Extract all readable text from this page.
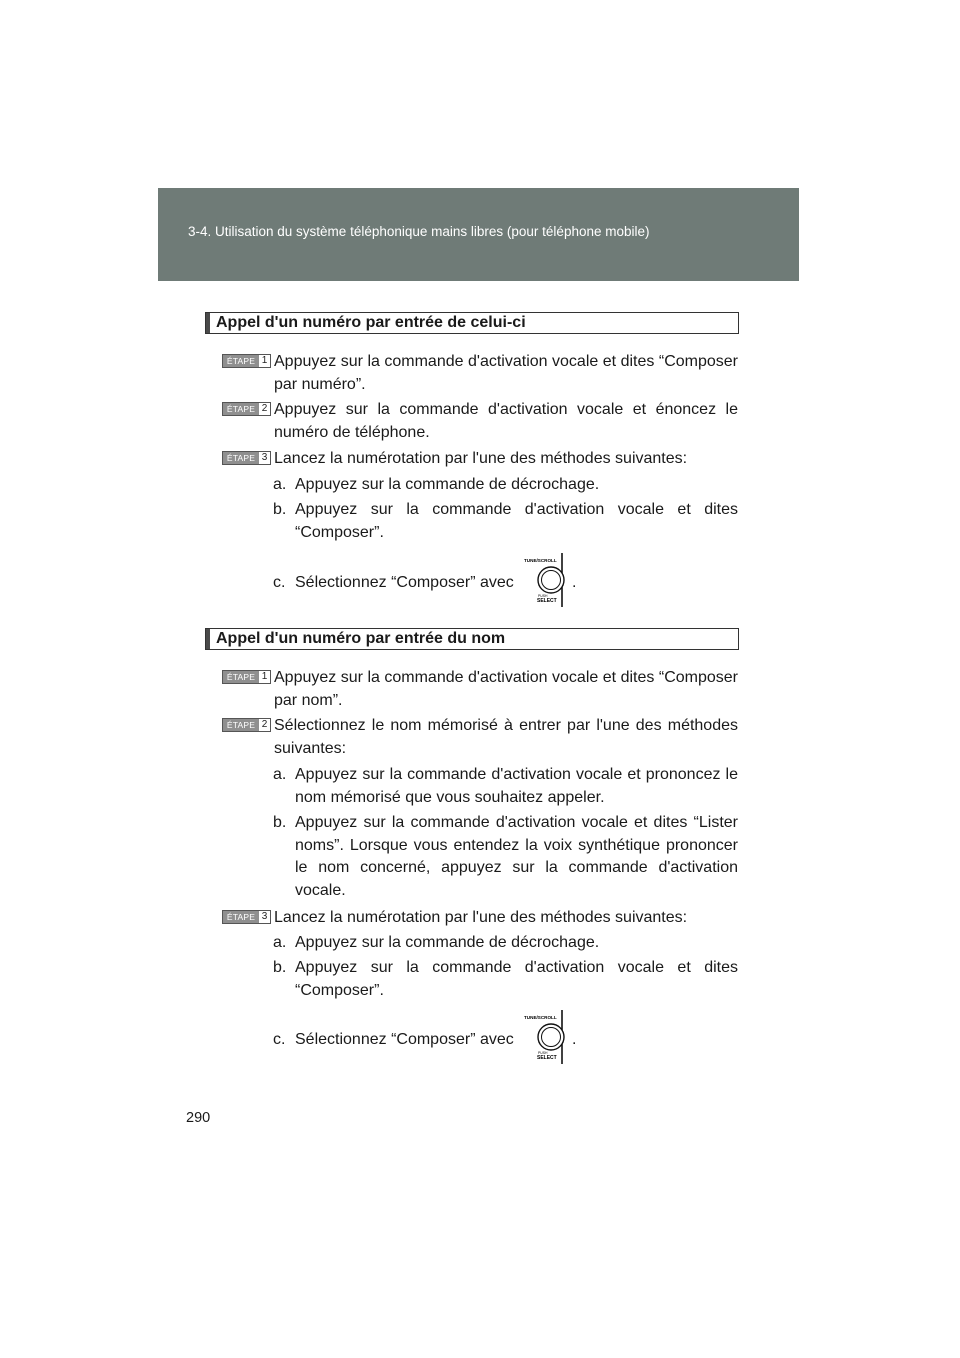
3-4. Utilisation du système téléphonique mains libres (pour téléphone mobile)
Appel d'un numéro par entrée de celui-ci
ÉTAPE 1 Appuyez sur la commande d'activation vocale et dites “Composer par numéro”.
ÉTAPE 2 Appuyez sur la commande d'activation vocale et énoncez le numéro de téléphone.
ÉTAPE 3 Lancez la numérotation par l'une des méthodes suivantes:
a. Appuyez sur la commande de décrochage.
b. Appuyez sur la commande d'activation vocale et dites “Composer”.
c. Sélectionnez “Composer” avec
TUNE/SCROLL
PUSH
SELECT
.
Appel d'un numéro par entrée du nom
ÉTAPE 1 Appuyez sur la commande d'activation vocale et dites “Composer par nom”.
ÉTAPE 2 Sélectionnez le nom mémorisé à entrer par l'une des méthodes suivantes:
a. Appuyez sur la commande d'activation vocale et prononcez le nom mémorisé que vous souhaitez appeler.
b. Appuyez sur la commande d'activation vocale et dites “Lister noms”. Lorsque vous entendez la voix synthétique prononcer le nom concerné, appuyez sur la commande d'activation vocale.
ÉTAPE 3 Lancez la numérotation par l'une des méthodes suivantes:
a. Appuyez sur la commande de décrochage.
b. Appuyez sur la commande d'activation vocale et dites “Composer”.
c. Sélectionnez “Composer” avec
TUNE/SCROLL
PUSH
SELECT
.
290
